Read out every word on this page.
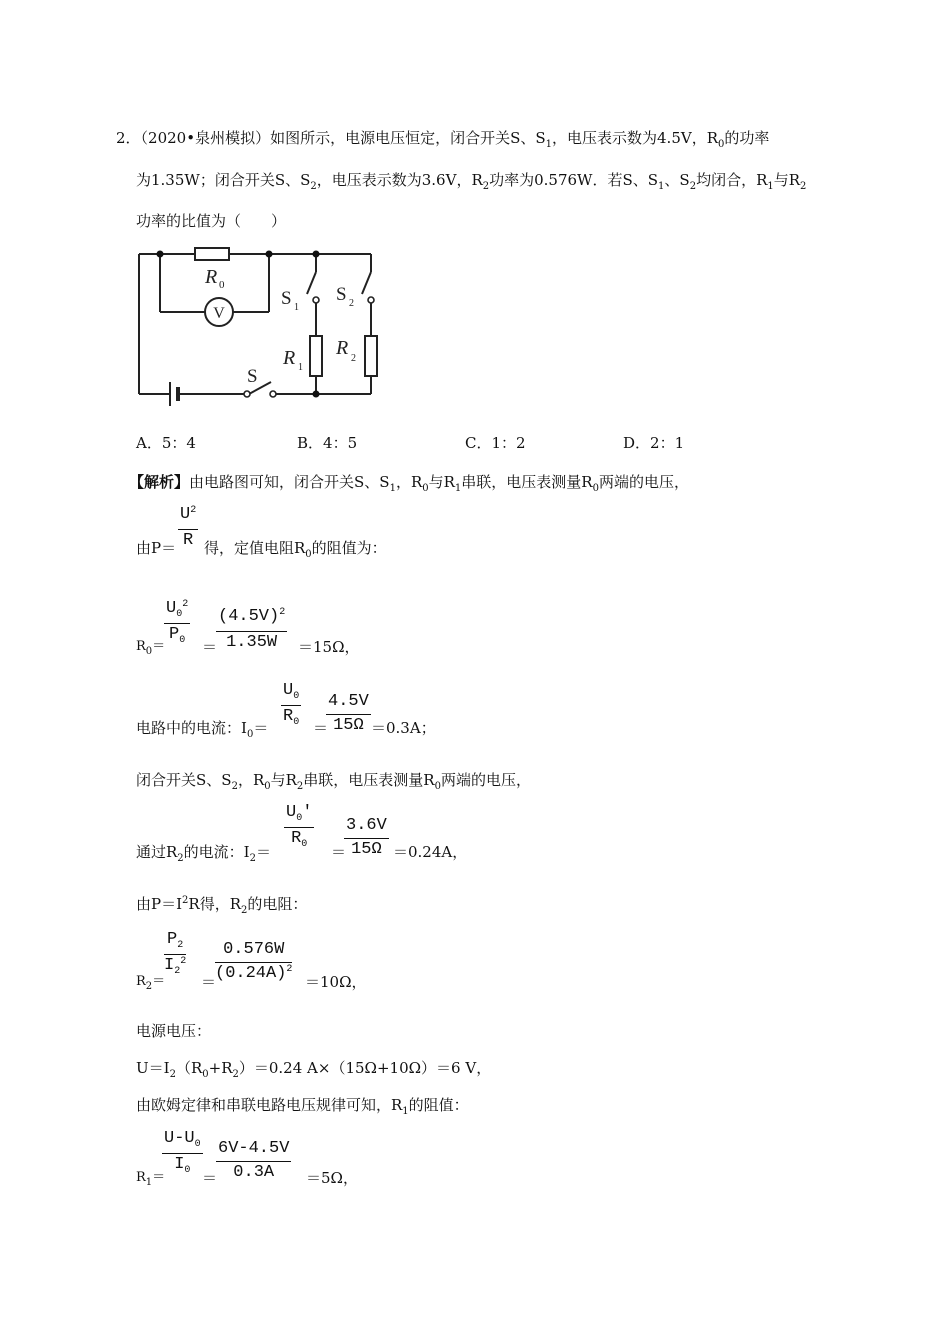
2．（2020•泉州模拟）如图所示，电源电压恒定，闭合开关S、$S_1$，电压表示数为4.5V，$R_0$的功率
为1.35W；闭合开关S、$S_2$，电压表示数为3.6V，$R_2$功率为0.576W．若S、$S_1$、$S_2$均闭合，$R_1$与$R_2$
功率的比值为（　　）
V
R 0
S 1
S 2
R 1
R 2
S
A．5：4	B．4：5	C．1：2	D．2：1
【解析】由电路图可知，闭合开关S、$S_1$，$R_0$与$R_1$串联，电压表测量$R_0$两端的电压，
由$P= \frac{U^2}{R}$ 得，定值电阻$R_0$的阻值为：
$R_0=$
$\frac{U_0^2}{P_0}$ ＝
$\frac{(4.5V)^2}{1.35W} =15\Omega$，
电路中的电流：$I_0= \frac{U_0}{R_0}$ ＝
$\frac{4.5V}{15\Omega} =0.3A$；
闭合开关S、$S_2$，$R_0$与$R_2$串联，电压表测量$R_0$两端的电压，
通过$R_2$的电流：$I_2= \frac{U_0'}{R_0}$ ＝
$\frac{3.6V}{15\Omega} =0.24A$，
由$P=I^2R$得，$R_2$的电阻：
$R_2=$
$\frac{P_2}{I_2^2}$
＝
$\frac{0.576W}{(0.24A)^2} =10\Omega$，
电源电压：
$U=I_2(R_0+R_2)=0.24$ A×（15Ω+10Ω）＝6 V，
由欧姆定律和串联电路电压规律可知，$R_1$的阻值：
$R_1=$
$\frac{U-U_0}{I_0}$ ＝
$\frac{6V-4.5V}{0.3A} =5\Omega$，
